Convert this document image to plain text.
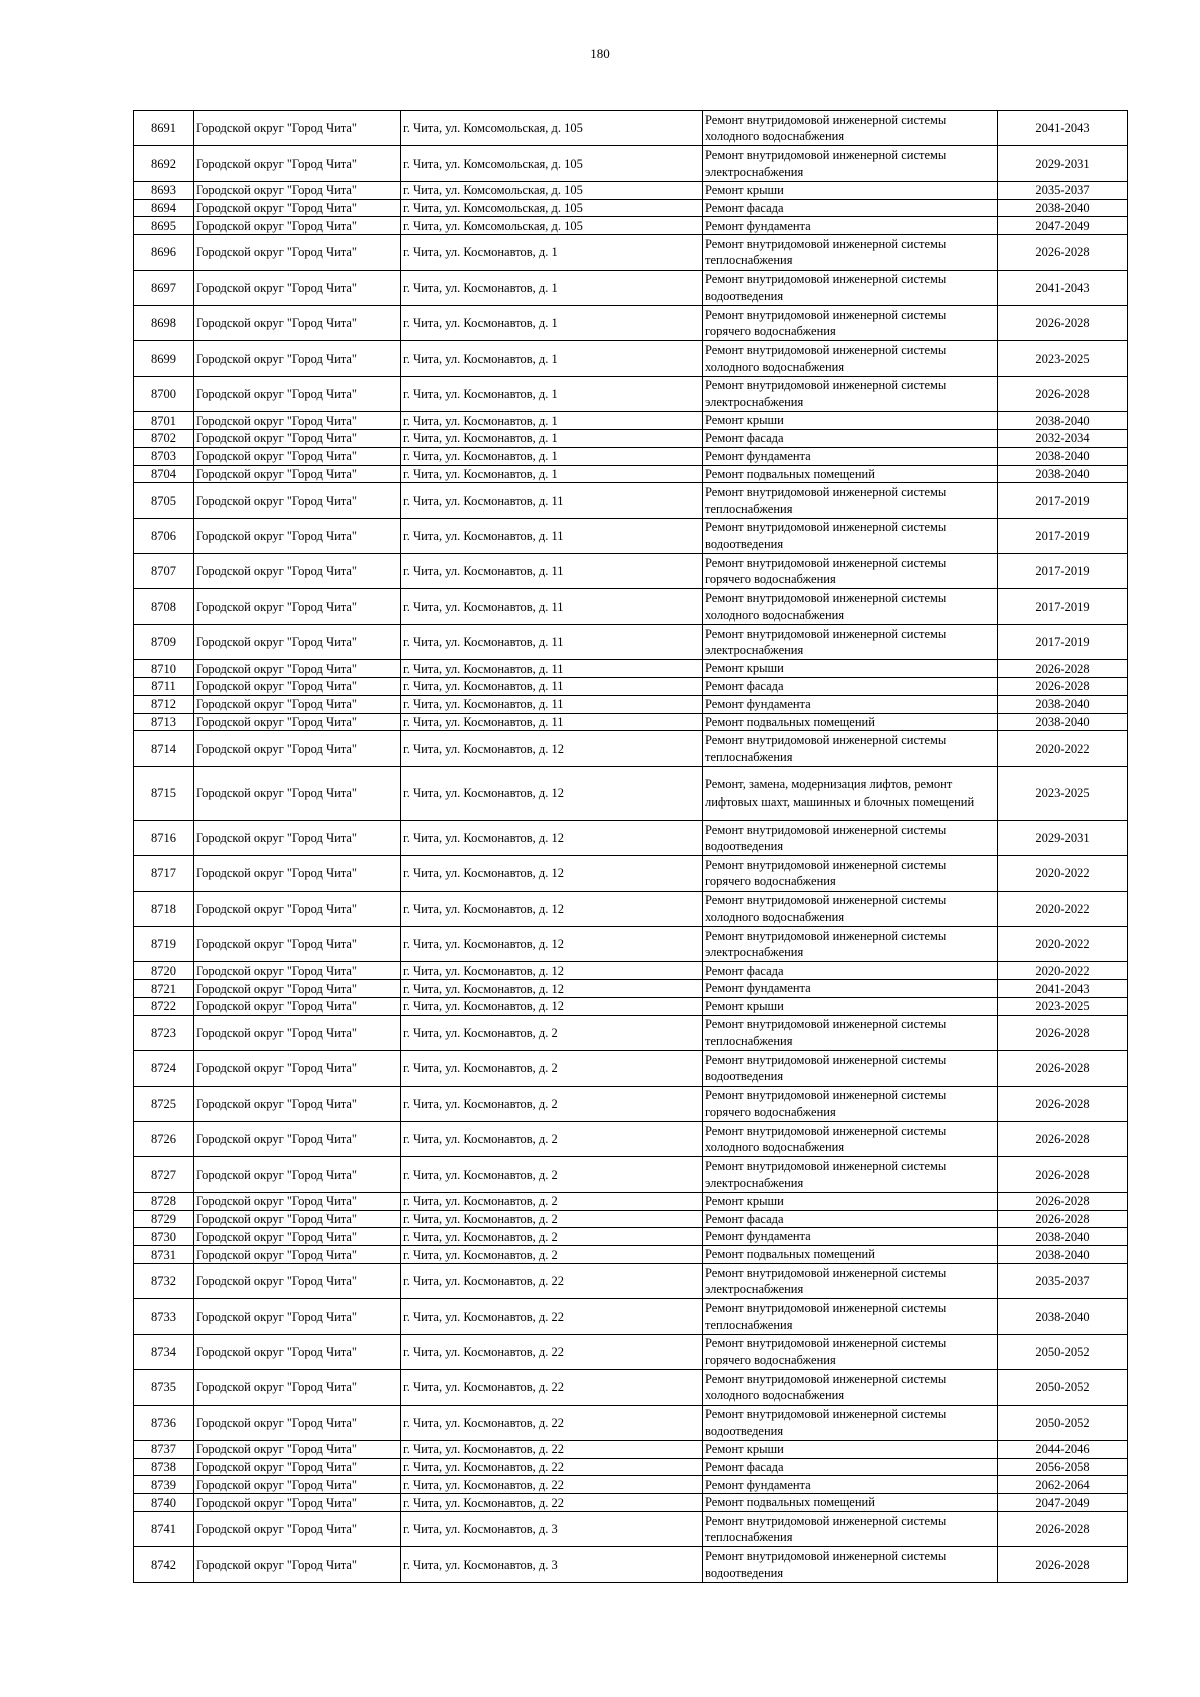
180
8691	Городской округ "Город Чита"	г. Чита, ул. Комсомольская, д. 105	Ремонт внутридомовой инженерной системы холодного водоснабжения	2041-2043
8692	Городской округ "Город Чита"	г. Чита, ул. Комсомольская, д. 105	Ремонт внутридомовой инженерной системы электроснабжения	2029-2031
8693	Городской округ "Город Чита"	г. Чита, ул. Комсомольская, д. 105	Ремонт крыши	2035-2037
8694	Городской округ "Город Чита"	г. Чита, ул. Комсомольская, д. 105	Ремонт фасада	2038-2040
8695	Городской округ "Город Чита"	г. Чита, ул. Комсомольская, д. 105	Ремонт фундамента	2047-2049
8696	Городской округ "Город Чита"	г. Чита, ул. Космонавтов, д. 1	Ремонт внутридомовой инженерной системы теплоснабжения	2026-2028
8697	Городской округ "Город Чита"	г. Чита, ул. Космонавтов, д. 1	Ремонт внутридомовой инженерной системы водоотведения	2041-2043
8698	Городской округ "Город Чита"	г. Чита, ул. Космонавтов, д. 1	Ремонт внутридомовой инженерной системы горячего водоснабжения	2026-2028
8699	Городской округ "Город Чита"	г. Чита, ул. Космонавтов, д. 1	Ремонт внутридомовой инженерной системы холодного водоснабжения	2023-2025
8700	Городской округ "Город Чита"	г. Чита, ул. Космонавтов, д. 1	Ремонт внутридомовой инженерной системы электроснабжения	2026-2028
8701	Городской округ "Город Чита"	г. Чита, ул. Космонавтов, д. 1	Ремонт крыши	2038-2040
8702	Городской округ "Город Чита"	г. Чита, ул. Космонавтов, д. 1	Ремонт фасада	2032-2034
8703	Городской округ "Город Чита"	г. Чита, ул. Космонавтов, д. 1	Ремонт фундамента	2038-2040
8704	Городской округ "Город Чита"	г. Чита, ул. Космонавтов, д. 1	Ремонт подвальных помещений	2038-2040
8705	Городской округ "Город Чита"	г. Чита, ул. Космонавтов, д. 11	Ремонт внутридомовой инженерной системы теплоснабжения	2017-2019
8706	Городской округ "Город Чита"	г. Чита, ул. Космонавтов, д. 11	Ремонт внутридомовой инженерной системы водоотведения	2017-2019
8707	Городской округ "Город Чита"	г. Чита, ул. Космонавтов, д. 11	Ремонт внутридомовой инженерной системы горячего водоснабжения	2017-2019
8708	Городской округ "Город Чита"	г. Чита, ул. Космонавтов, д. 11	Ремонт внутридомовой инженерной системы холодного водоснабжения	2017-2019
8709	Городской округ "Город Чита"	г. Чита, ул. Космонавтов, д. 11	Ремонт внутридомовой инженерной системы электроснабжения	2017-2019
8710	Городской округ "Город Чита"	г. Чита, ул. Космонавтов, д. 11	Ремонт крыши	2026-2028
8711	Городской округ "Город Чита"	г. Чита, ул. Космонавтов, д. 11	Ремонт фасада	2026-2028
8712	Городской округ "Город Чита"	г. Чита, ул. Космонавтов, д. 11	Ремонт фундамента	2038-2040
8713	Городской округ "Город Чита"	г. Чита, ул. Космонавтов, д. 11	Ремонт подвальных помещений	2038-2040
8714	Городской округ "Город Чита"	г. Чита, ул. Космонавтов, д. 12	Ремонт внутридомовой инженерной системы теплоснабжения	2020-2022
8715	Городской округ "Город Чита"	г. Чита, ул. Космонавтов, д. 12	Ремонт, замена, модернизация лифтов, ремонт лифтовых шахт, машинных и блочных помещений	2023-2025
8716	Городской округ "Город Чита"	г. Чита, ул. Космонавтов, д. 12	Ремонт внутридомовой инженерной системы водоотведения	2029-2031
8717	Городской округ "Город Чита"	г. Чита, ул. Космонавтов, д. 12	Ремонт внутридомовой инженерной системы горячего водоснабжения	2020-2022
8718	Городской округ "Город Чита"	г. Чита, ул. Космонавтов, д. 12	Ремонт внутридомовой инженерной системы холодного водоснабжения	2020-2022
8719	Городской округ "Город Чита"	г. Чита, ул. Космонавтов, д. 12	Ремонт внутридомовой инженерной системы электроснабжения	2020-2022
8720	Городской округ "Город Чита"	г. Чита, ул. Космонавтов, д. 12	Ремонт фасада	2020-2022
8721	Городской округ "Город Чита"	г. Чита, ул. Космонавтов, д. 12	Ремонт фундамента	2041-2043
8722	Городской округ "Город Чита"	г. Чита, ул. Космонавтов, д. 12	Ремонт крыши	2023-2025
8723	Городской округ "Город Чита"	г. Чита, ул. Космонавтов, д. 2	Ремонт внутридомовой инженерной системы теплоснабжения	2026-2028
8724	Городской округ "Город Чита"	г. Чита, ул. Космонавтов, д. 2	Ремонт внутридомовой инженерной системы водоотведения	2026-2028
8725	Городской округ "Город Чита"	г. Чита, ул. Космонавтов, д. 2	Ремонт внутридомовой инженерной системы горячего водоснабжения	2026-2028
8726	Городской округ "Город Чита"	г. Чита, ул. Космонавтов, д. 2	Ремонт внутридомовой инженерной системы холодного водоснабжения	2026-2028
8727	Городской округ "Город Чита"	г. Чита, ул. Космонавтов, д. 2	Ремонт внутридомовой инженерной системы электроснабжения	2026-2028
8728	Городской округ "Город Чита"	г. Чита, ул. Космонавтов, д. 2	Ремонт крыши	2026-2028
8729	Городской округ "Город Чита"	г. Чита, ул. Космонавтов, д. 2	Ремонт фасада	2026-2028
8730	Городской округ "Город Чита"	г. Чита, ул. Космонавтов, д. 2	Ремонт фундамента	2038-2040
8731	Городской округ "Город Чита"	г. Чита, ул. Космонавтов, д. 2	Ремонт подвальных помещений	2038-2040
8732	Городской округ "Город Чита"	г. Чита, ул. Космонавтов, д. 22	Ремонт внутридомовой инженерной системы электроснабжения	2035-2037
8733	Городской округ "Город Чита"	г. Чита, ул. Космонавтов, д. 22	Ремонт внутридомовой инженерной системы теплоснабжения	2038-2040
8734	Городской округ "Город Чита"	г. Чита, ул. Космонавтов, д. 22	Ремонт внутридомовой инженерной системы горячего водоснабжения	2050-2052
8735	Городской округ "Город Чита"	г. Чита, ул. Космонавтов, д. 22	Ремонт внутридомовой инженерной системы холодного водоснабжения	2050-2052
8736	Городской округ "Город Чита"	г. Чита, ул. Космонавтов, д. 22	Ремонт внутридомовой инженерной системы водоотведения	2050-2052
8737	Городской округ "Город Чита"	г. Чита, ул. Космонавтов, д. 22	Ремонт крыши	2044-2046
8738	Городской округ "Город Чита"	г. Чита, ул. Космонавтов, д. 22	Ремонт фасада	2056-2058
8739	Городской округ "Город Чита"	г. Чита, ул. Космонавтов, д. 22	Ремонт фундамента	2062-2064
8740	Городской округ "Город Чита"	г. Чита, ул. Космонавтов, д. 22	Ремонт подвальных помещений	2047-2049
8741	Городской округ "Город Чита"	г. Чита, ул. Космонавтов, д. 3	Ремонт внутридомовой инженерной системы теплоснабжения	2026-2028
8742	Городской округ "Город Чита"	г. Чита, ул. Космонавтов, д. 3	Ремонт внутридомовой инженерной системы водоотведения	2026-2028
